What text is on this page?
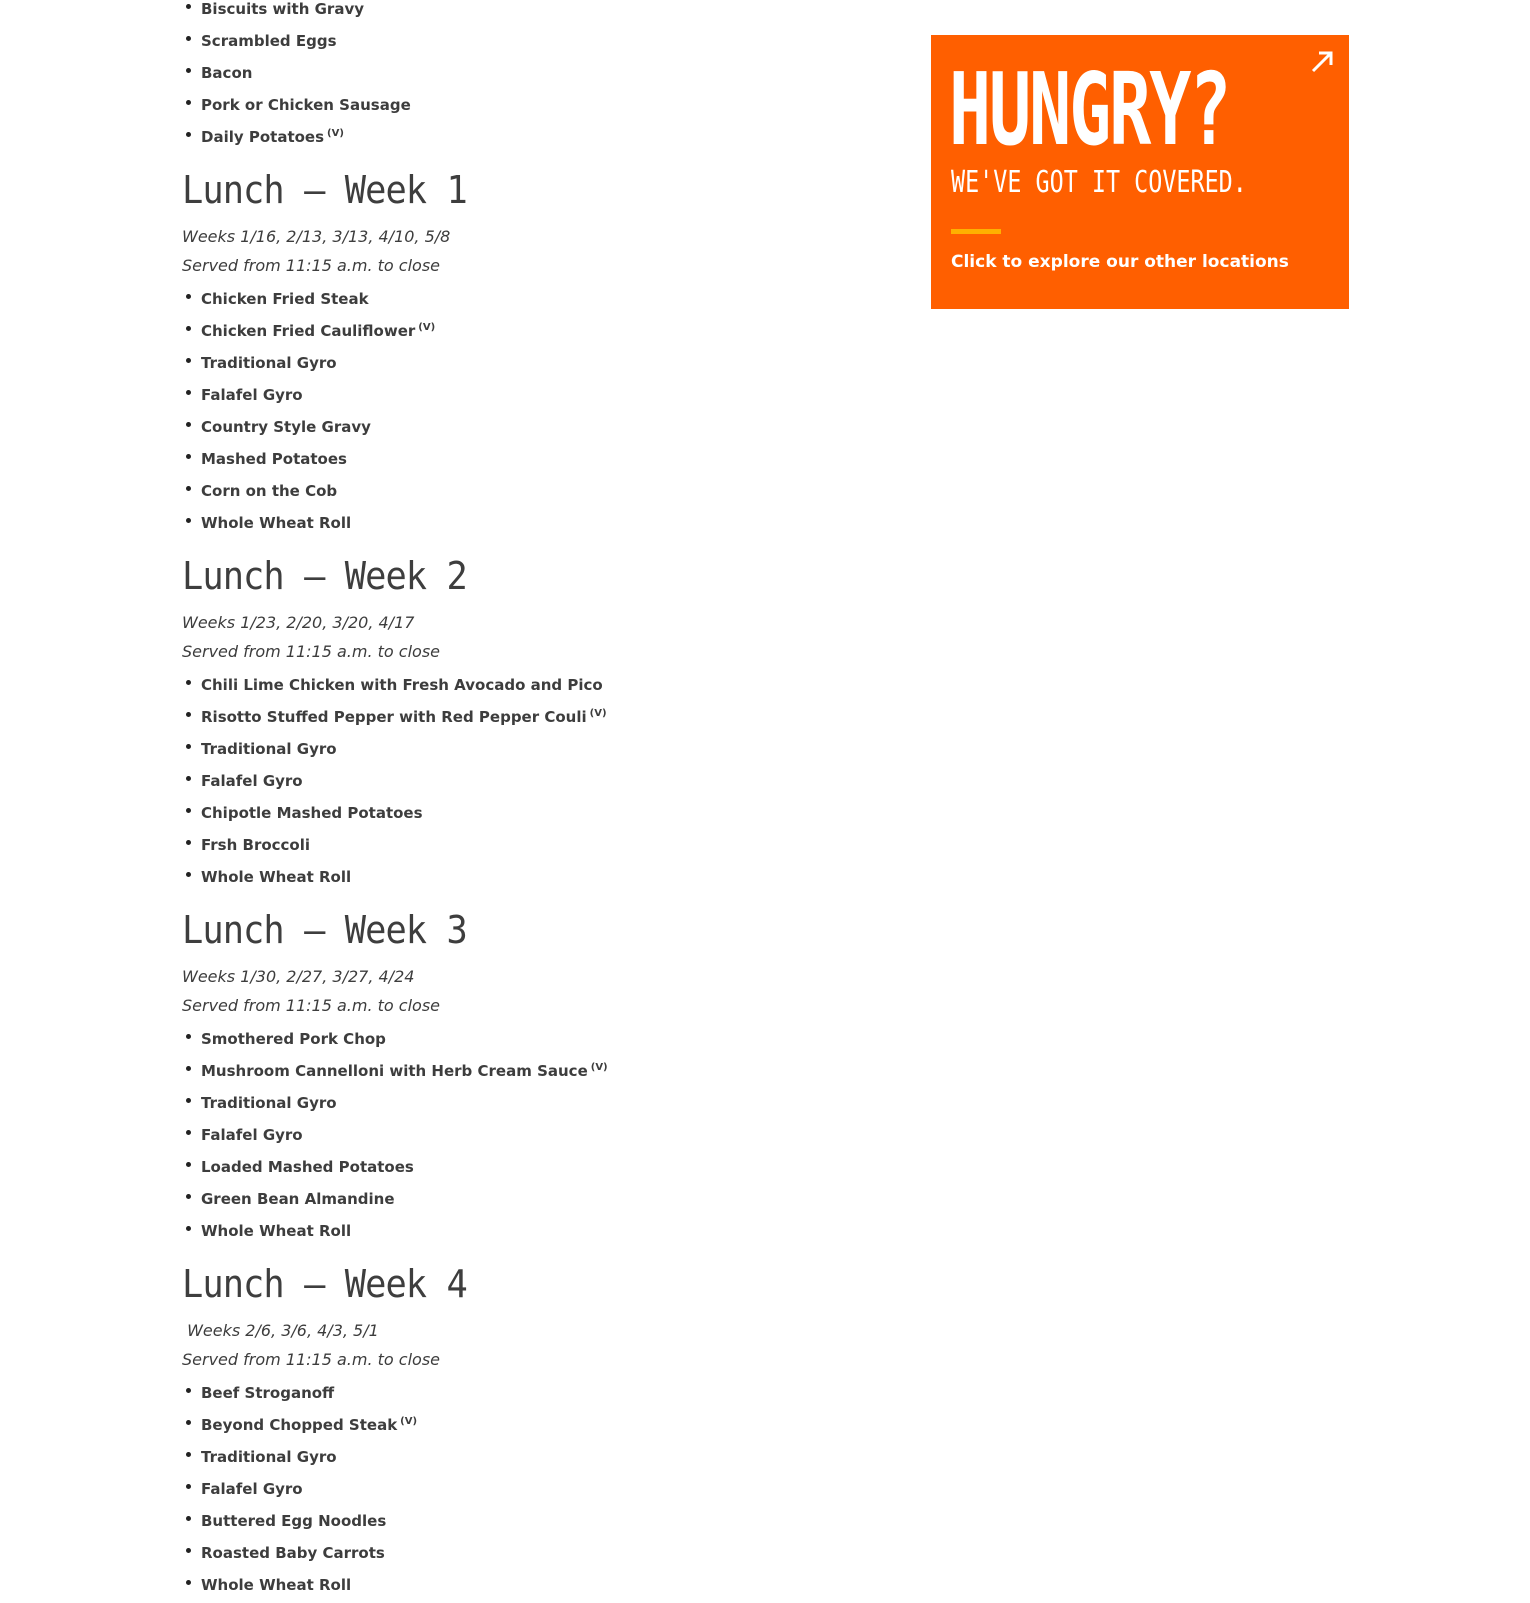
Biscuits with Gravy
Scrambled Eggs
Bacon
Pork or Chicken Sausage
Daily Potatoes $^{(V)}$
Lunch – Week 1
Weeks 1/16, 2/13, 3/13, 4/10, 5/8
Served from 11:15 a.m. to close
Chicken Fried Steak
Chicken Fried Cauliflower $^{(V)}$
Traditional Gyro
Falafel Gyro
Country Style Gravy
Mashed Potatoes
Corn on the Cob
Whole Wheat Roll
Lunch – Week 2
Weeks 1/23, 2/20, 3/20, 4/17
Served from 11:15 a.m. to close
Chili Lime Chicken with Fresh Avocado and Pico
Risotto Stuffed Pepper with Red Pepper Couli $^{(V)}$
Traditional Gyro
Falafel Gyro
Chipotle Mashed Potatoes
Frsh Broccoli
Whole Wheat Roll
Lunch – Week 3
Weeks 1/30, 2/27, 3/27, 4/24
Served from 11:15 a.m. to close
Smothered Pork Chop
Mushroom Cannelloni with Herb Cream Sauce $^{(V)}$
Traditional Gyro
Falafel Gyro
Loaded Mashed Potatoes
Green Bean Almandine
Whole Wheat Roll
Lunch – Week 4
Weeks 2/6, 3/6, 4/3, 5/1
Served from 11:15 a.m. to close
Beef Stroganoff
Beyond Chopped Steak $^{(V)}$
Traditional Gyro
Falafel Gyro
Buttered Egg Noodles
Roasted Baby Carrots
Whole Wheat Roll
HUNGRY?
WE'VE GOT IT COVERED.
Click to explore our other locations
